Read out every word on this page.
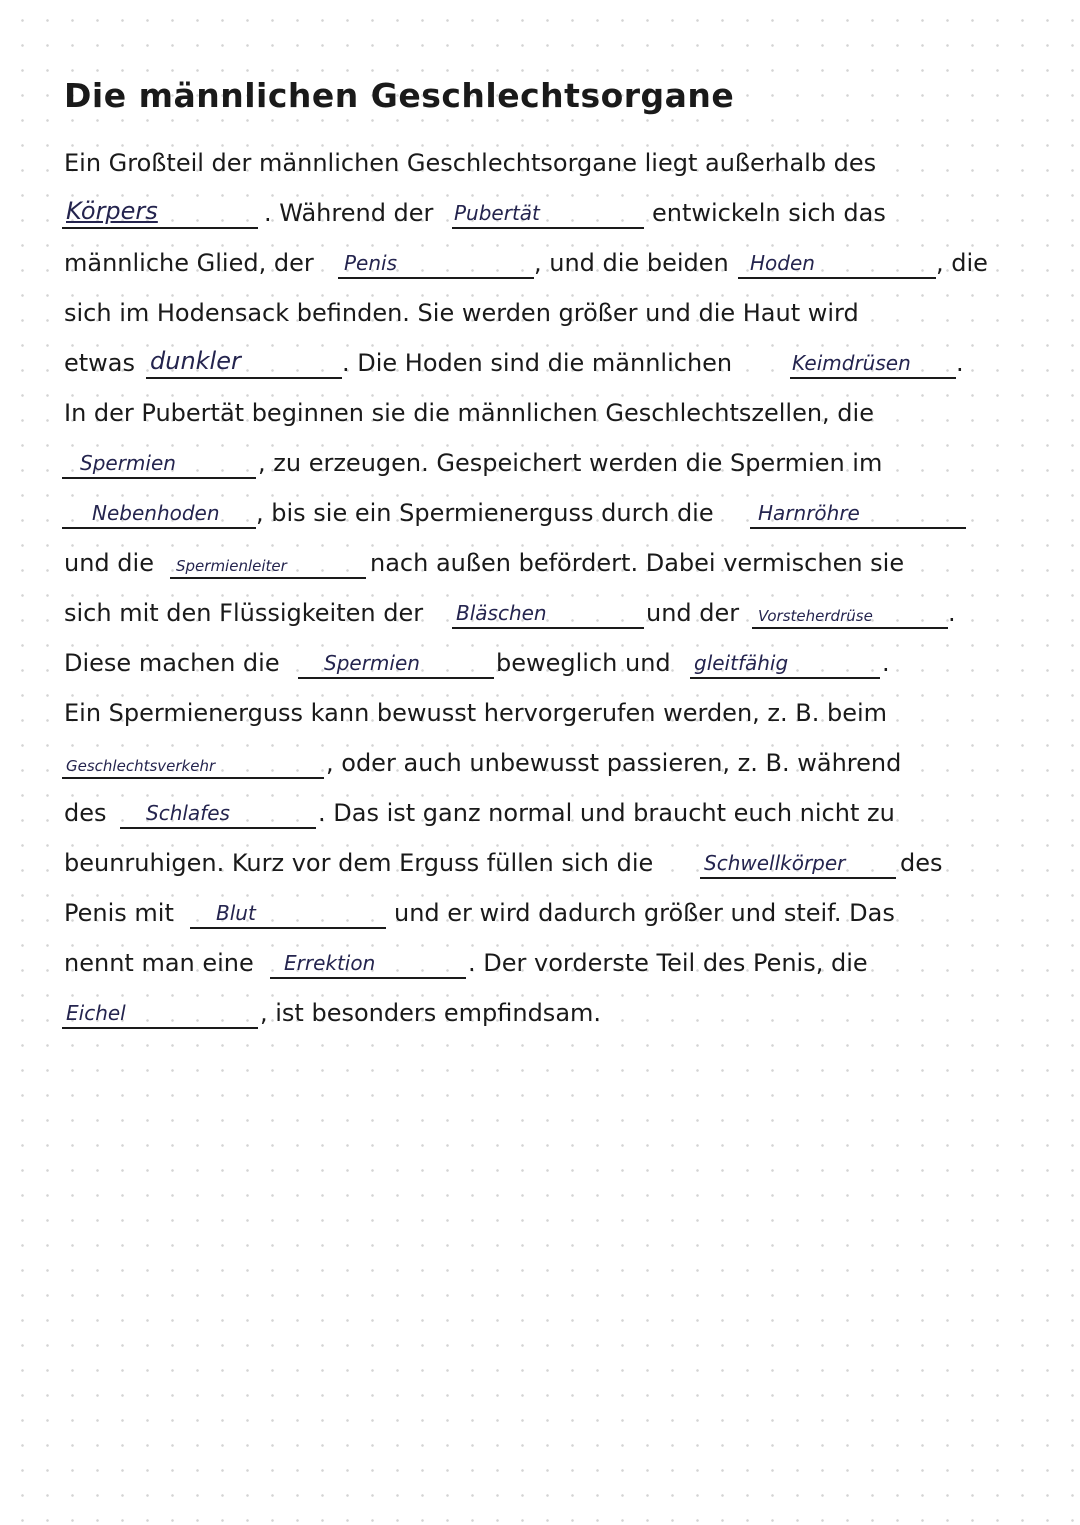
Die männlichen Geschlechtsorgane
Ein Großteil der männlichen Geschlechtsorgane liegt außerhalb des
Körpers	. Während der Pubertät	entwickeln sich das
männliche Glied, der Penis	, und die beiden Hoden	, die
sich im Hodensack befinden. Sie werden größer und die Haut wird
etwas dunkler	. Die Hoden sind die männlichen	Keimdrüsen .
In der Pubertät beginnen sie die männlichen Geschlechtszellen, die
Spermien	, zu erzeugen. Gespeichert werden die Spermien im
Nebenhoden , bis sie ein Spermienerguss durch die Harnröhre
und die Spermienleiter	nach außen befördert. Dabei vermischen sie
sich mit den Flüssigkeiten der Bläschen	und der Vorsteherdrüse	.
Diese machen die Spermien	beweglich und gleitfähig	.
Ein Spermienerguss kann bewusst hervorgerufen werden, z. B. beim
Geschlechtsverkehr	, oder auch unbewusst passieren, z. B. während
des Schlafes	. Das ist ganz normal und braucht euch nicht zu
beunruhigen. Kurz vor dem Erguss füllen sich die	Schwellkörper des
Penis mit Blut	und er wird dadurch größer und steif. Das
nennt man eine Errektion	. Der vorderste Teil des Penis, die
Eichel	, ist besonders empfindsam.
